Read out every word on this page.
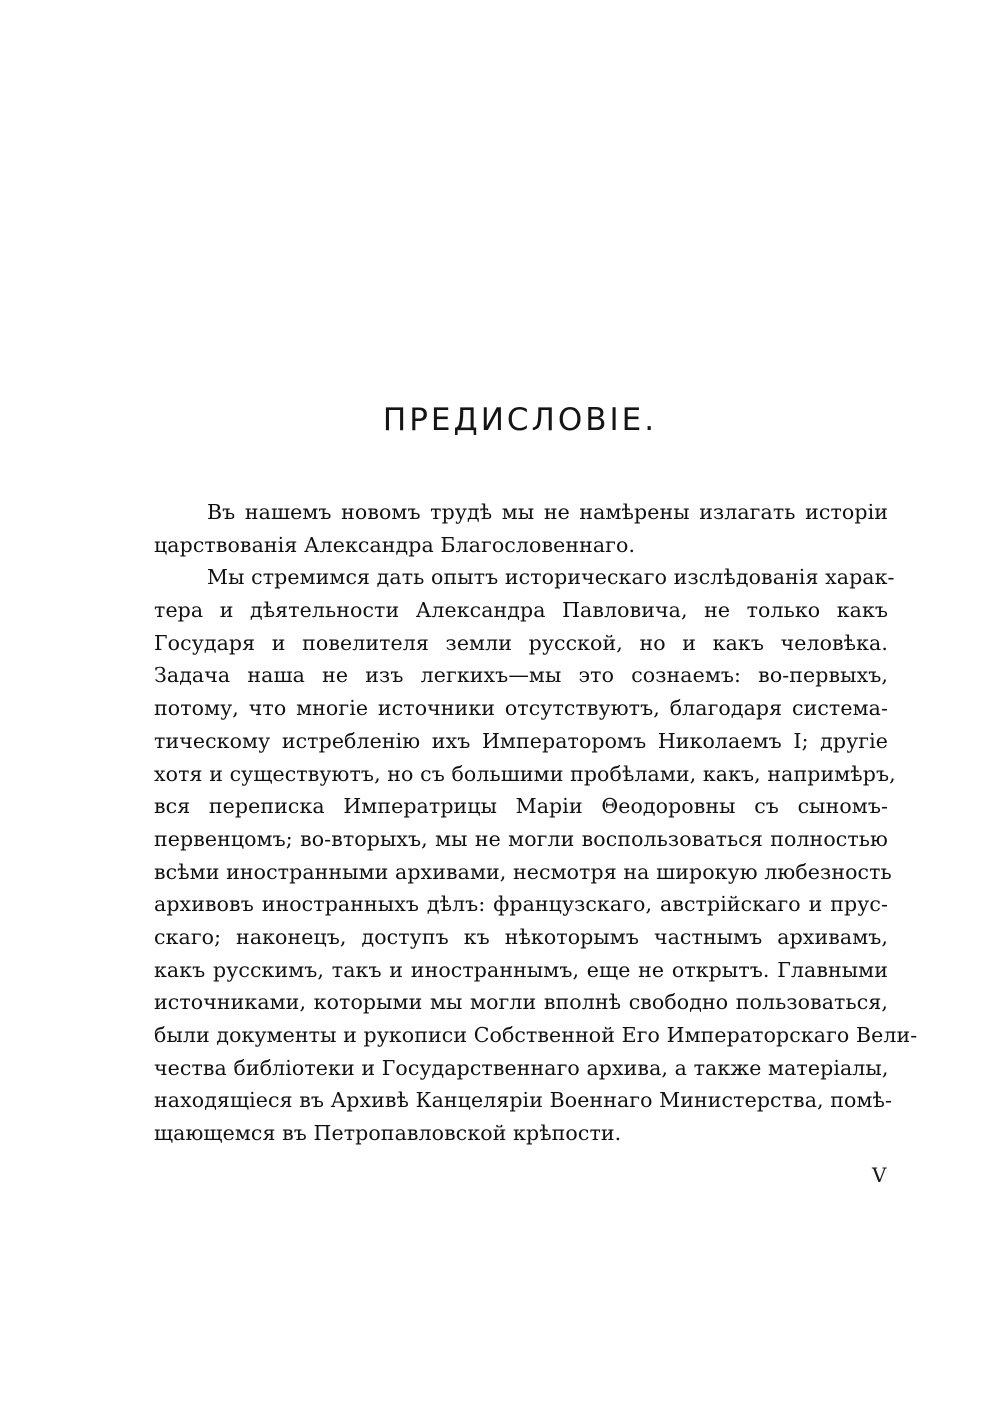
ПРЕДИСЛОВІЕ.
Въ нашемъ новомъ трудѣ мы не намѣрены излагать исторіи
царствованія Александра Благословеннаго.
Мы стремимся дать опытъ историческаго изслѣдованія харак-
тера и дѣятельности Александра Павловича, не только какъ
Государя и повелителя земли русской, но и какъ человѣка.
Задача наша не изъ легкихъ—мы это сознаемъ: во-первыхъ,
потому, что многіе источники отсутствуютъ, благодаря система-
тическому истребленію ихъ Императоромъ Николаемъ I; другіе
хотя и существуютъ, но съ большими пробѣлами, какъ, напримѣръ,
вся переписка Императрицы Маріи Θеодоровны съ сыномъ-
первенцомъ; во-вторыхъ, мы не могли воспользоваться полностью
всѣми иностранными архивами, несмотря на широкую любезность
архивовъ иностранныхъ дѣлъ: французскаго, австрійскаго и прус-
скаго; наконецъ, доступъ къ нѣкоторымъ частнымъ архивамъ,
какъ русскимъ, такъ и иностраннымъ, еще не открытъ. Главными
источниками, которыми мы могли вполнѣ свободно пользоваться,
были документы и рукописи Собственной Его Императорскаго Вели-
чества библіотеки и Государственнаго архива, а также матеріалы,
находящіеся въ Архивѣ Канцеляріи Военнаго Министерства, помѣ-
щающемся въ Петропавловской крѣпости.
V
